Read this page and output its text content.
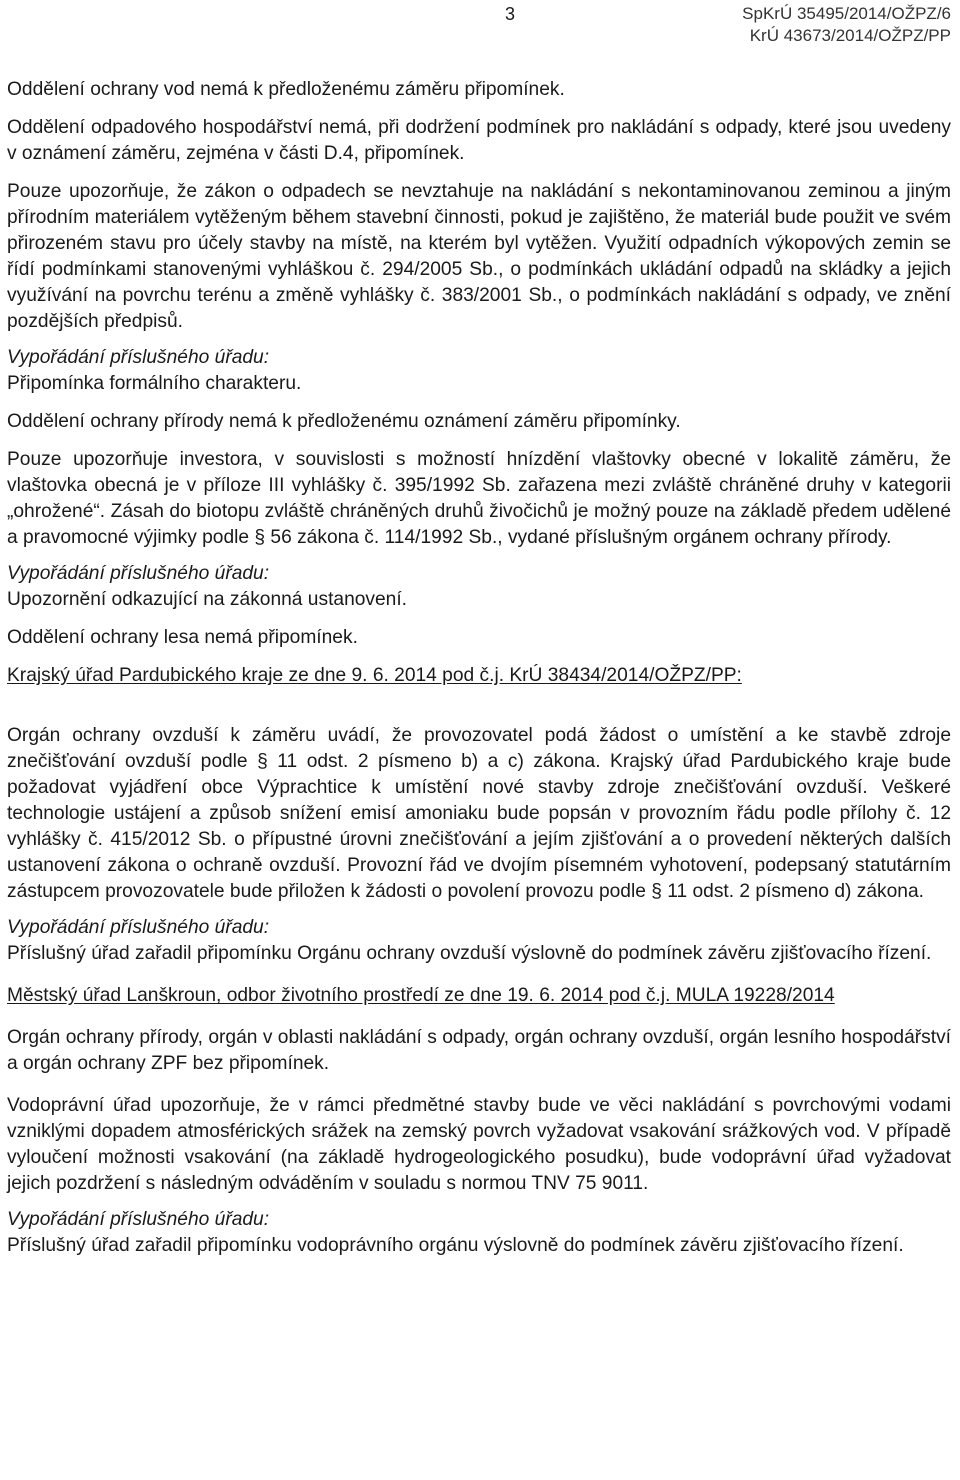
3	SpKrÚ 35495/2014/OŽPZ/6
KrÚ 43673/2014/OŽPZ/PP

Oddělení ochrany vod nemá k předloženému záměru připomínek.

Oddělení odpadového hospodářství nemá, při dodržení podmínek pro nakládání s odpady, které jsou uvedeny v oznámení záměru, zejména v části D.4, připomínek.

Pouze upozorňuje, že zákon o odpadech se nevztahuje na nakládání s nekontaminovanou zeminou a jiným přírodním materiálem vytěženým během stavební činnosti, pokud je zajištěno, že materiál bude použit ve svém přirozeném stavu pro účely stavby na místě, na kterém byl vytěžen. Využití odpadních výkopových zemin se řídí podmínkami stanovenými vyhláškou č. 294/2005 Sb., o podmínkách ukládání odpadů na skládky a jejich využívání na povrchu terénu a změně vyhlášky č. 383/2001 Sb., o podmínkách nakládání s odpady, ve znění pozdějších předpisů.

Vypořádání příslušného úřadu:

Připomínka formálního charakteru.

Oddělení ochrany přírody nemá k předloženému oznámení záměru připomínky.

Pouze upozorňuje investora, v souvislosti s možností hnízdění vlaštovky obecné v lokalitě záměru, že vlaštovka obecná je v příloze III vyhlášky č. 395/1992 Sb. zařazena mezi zvláště chráněné druhy v kategorii „ohrožené“. Zásah do biotopu zvláště chráněných druhů živočichů je možný pouze na základě předem udělené a pravomocné výjimky podle § 56 zákona č. 114/1992 Sb., vydané příslušným orgánem ochrany přírody.

Vypořádání příslušného úřadu:

Upozornění odkazující na zákonná ustanovení.

Oddělení ochrany lesa nemá připomínek.

Krajský úřad Pardubického kraje ze dne 9. 6. 2014 pod č.j. KrÚ 38434/2014/OŽPZ/PP:

Orgán ochrany ovzduší k záměru uvádí, že provozovatel podá žádost o umístění a ke stavbě zdroje znečišťování ovzduší podle § 11 odst. 2 písmeno b) a c) zákona. Krajský úřad Pardubického kraje bude požadovat vyjádření obce Výprachtice k umístění nové stavby zdroje znečišťování ovzduší. Veškeré technologie ustájení a způsob snížení emisí amoniaku bude popsán v provozním řádu podle přílohy č. 12 vyhlášky č. 415/2012 Sb. o přípustné úrovni znečišťování a jejím zjišťování a o provedení některých dalších ustanovení zákona o ochraně ovzduší. Provozní řád ve dvojím písemném vyhotovení, podepsaný statutárním zástupcem provozovatele bude přiložen k žádosti o povolení provozu podle § 11 odst. 2 písmeno d) zákona.

Vypořádání příslušného úřadu:

Příslušný úřad zařadil připomínku Orgánu ochrany ovzduší výslovně do podmínek závěru zjišťovacího řízení.

Městský úřad Lanškroun, odbor životního prostředí ze dne 19. 6. 2014 pod č.j. MULA 19228/2014

Orgán ochrany přírody, orgán v oblasti nakládání s odpady, orgán ochrany ovzduší, orgán lesního hospodářství a orgán ochrany ZPF bez připomínek.

Vodoprávní úřad upozorňuje, že v rámci předmětné stavby bude ve věci nakládání s povrchovými vodami vzniklými dopadem atmosférických srážek na zemský povrch vyžadovat vsakování srážkových vod. V případě vyloučení možnosti vsakování (na základě hydrogeologického posudku), bude vodoprávní úřad vyžadovat jejich pozdržení s následným odváděním v souladu s normou TNV 75 9011.

Vypořádání příslušného úřadu:

Příslušný úřad zařadil připomínku vodoprávního orgánu výslovně do podmínek závěru zjišťovacího řízení.
